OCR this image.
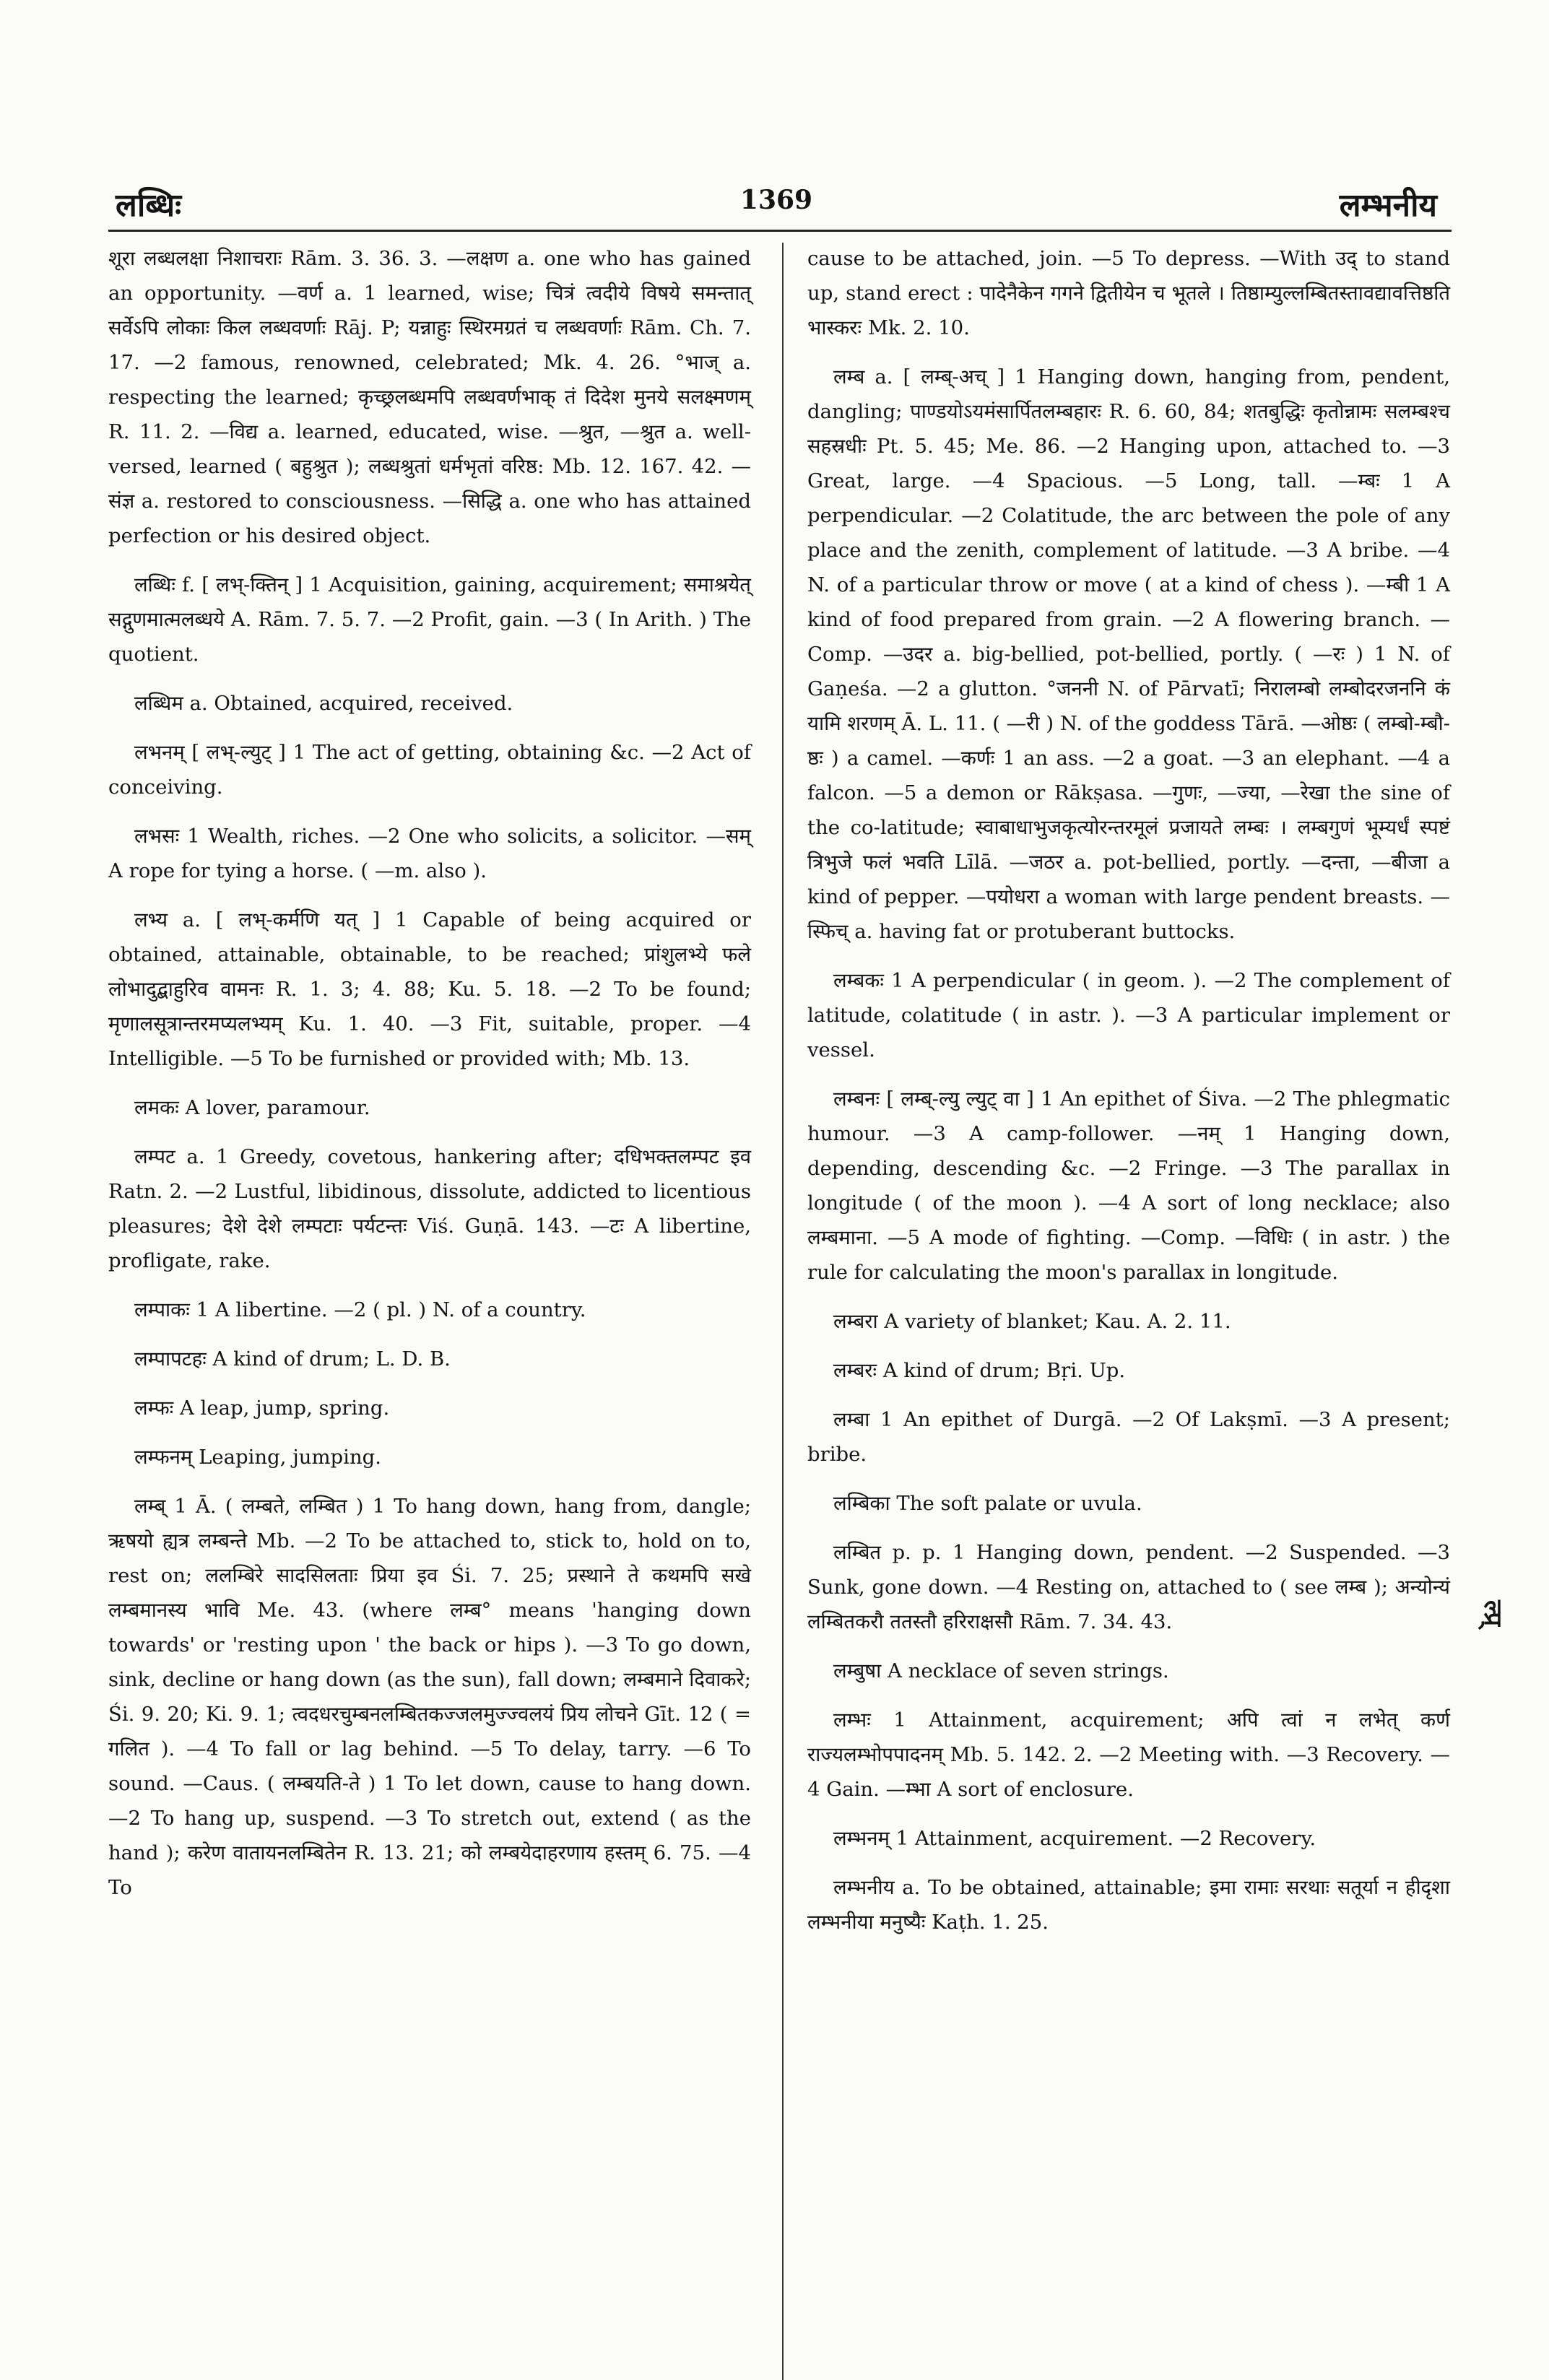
लब्धिः	1369	लम्भनीय

शूरा लब्धलक्षा निशाचराः Rām. 3. 36. 3. —लक्षण a. one who has gained an opportunity. —वर्ण a. 1 learned, wise; चित्रं त्वदीये विषये समन्तात् सर्वेऽपि लोकाः किल लब्धवर्णाः Rāj. P; यन्नाहुः स्थिरमग्रतं च लब्धवर्णाः Rām. Ch. 7. 17. —2 famous, renowned, celebrated; Mk. 4. 26. °भाज् a. respecting the learned; कृच्छ्रलब्धमपि लब्धवर्णभाक् तं दिदेश मुनये सलक्ष्मणम् R. 11. 2. —विद्य a. learned, educated, wise. —श्रुत, —श्रुत a. well-versed, learned ( बहुश्रुत ); लब्धश्रुतां धर्मभृतां वरिष्ठ: Mb. 12. 167. 42. —संज्ञ a. restored to consciousness. —सिद्धि a. one who has attained perfection or his desired object.

लब्धिः f. [ लभ्-क्तिन् ] 1 Acquisition, gaining, acquirement; समाश्रयेत् सद्गुणमात्मलब्धये A. Rām. 7. 5. 7. —2 Profit, gain. —3 ( In Arith. ) The quotient.

लब्धिम a. Obtained, acquired, received.

लभनम् [ लभ्-ल्युट् ] 1 The act of getting, obtaining &c. —2 Act of conceiving.

लभसः 1 Wealth, riches. —2 One who solicits, a solicitor. —सम् A rope for tying a horse. ( —m. also ).

लभ्य a. [ लभ्-कर्मणि यत् ] 1 Capable of being acquired or obtained, attainable, obtainable, to be reached; प्रांशुलभ्ये फले लोभादुद्बाहुरिव वामनः R. 1. 3; 4. 88; Ku. 5. 18. —2 To be found; मृणालसूत्रान्तरमप्यलभ्यम् Ku. 1. 40. —3 Fit, suitable, proper. —4 Intelligible. —5 To be furnished or provided with; Mb. 13.

लमकः A lover, paramour.

लम्पट a. 1 Greedy, covetous, hankering after; दधिभक्तलम्पट इव Ratn. 2. —2 Lustful, libidinous, dissolute, addicted to licentious pleasures; देशे देशे लम्पटाः पर्यटन्तः Viś. Guṇā. 143. —टः A libertine, profligate, rake.

लम्पाकः 1 A libertine. —2 ( pl. ) N. of a country.

लम्पापटहः A kind of drum; L. D. B.

लम्फः A leap, jump, spring.

लम्फनम् Leaping, jumping.

लम्ब् 1 Ā. ( लम्बते, लम्बित ) 1 To hang down, hang from, dangle; ऋषयो ह्यत्र लम्बन्ते Mb. —2 To be attached to, stick to, hold on to, rest on; ललम्बिरे सादसिलताः प्रिया इव Śi. 7. 25; प्रस्थाने ते कथमपि सखे लम्बमानस्य भावि Me. 43. (where लम्ब° means 'hanging down towards' or 'resting upon ' the back or hips ). —3 To go down, sink, decline or hang down (as the sun), fall down; लम्बमाने दिवाकरे; Śi. 9. 20; Ki. 9. 1; त्वदधरचुम्बनलम्बितकज्जलमुज्ज्वलयं प्रिय लोचने Gīt. 12 ( = गलित ). —4 To fall or lag behind. —5 To delay, tarry. —6 To sound. —Caus. ( लम्बयति-ते ) 1 To let down, cause to hang down. —2 To hang up, suspend. —3 To stretch out, extend ( as the hand ); करेण वातायनलम्बितेन R. 13. 21; को लम्बयेदाहरणाय हस्तम् 6. 75. —4 To

cause to be attached, join. —5 To depress. —With उद् to stand up, stand erect : पादेनैकेन गगने द्वितीयेन च भूतले । तिष्ठाम्युल्लम्बितस्तावद्यावत्तिष्ठति भास्करः Mk. 2. 10.

लम्ब a. [ लम्ब्-अच् ] 1 Hanging down, hanging from, pendent, dangling; पाण्डयोऽयमंसार्पितलम्बहारः R. 6. 60, 84; शतबुद्धिः कृतोन्नामः सलम्बश्च सहस्रधीः Pt. 5. 45; Me. 86. —2 Hanging upon, attached to. —3 Great, large. —4 Spacious. —5 Long, tall. —म्बः 1 A perpendicular. —2 Colatitude, the arc between the pole of any place and the zenith, complement of latitude. —3 A bribe. —4 N. of a particular throw or move ( at a kind of chess ). —म्बी 1 A kind of food prepared from grain. —2 A flowering branch. —Comp. —उदर a. big-bellied, pot-bellied, portly. ( —रः ) 1 N. of Gaṇeśa. —2 a glutton. °जननी N. of Pārvatī; निरालम्बो लम्बोदरजननि कं यामि शरणम् Ā. L. 11. ( —री ) N. of the goddess Tārā. —ओष्ठः ( लम्बो-म्बौ-ष्ठः ) a camel. —कर्णः 1 an ass. —2 a goat. —3 an elephant. —4 a falcon. —5 a demon or Rākṣasa. —गुणः, —ज्या, —रेखा the sine of the co-latitude; स्वाबाधाभुजकृत्योरन्तरमूलं प्रजायते लम्बः । लम्बगुणं भूम्यर्धं स्पष्टं त्रिभुजे फलं भवति Līlā. —जठर a. pot-bellied, portly. —दन्ता, —बीजा a kind of pepper. —पयोधरा a woman with large pendent breasts. —स्फिच् a. having fat or protuberant buttocks.

लम्बकः 1 A perpendicular ( in geom. ). —2 The complement of latitude, colatitude ( in astr. ). —3 A particular implement or vessel.

लम्बनः [ लम्ब्-ल्यु ल्युट् वा ] 1 An epithet of Śiva. —2 The phlegmatic humour. —3 A camp-follower. —नम् 1 Hanging down, depending, descending &c. —2 Fringe. —3 The parallax in longitude ( of the moon ). —4 A sort of long necklace; also लम्बमाना. —5 A mode of fighting. —Comp. —विधिः ( in astr. ) the rule for calculating the moon's parallax in longitude.

लम्बरा A variety of blanket; Kau. A. 2. 11.

लम्बरः A kind of drum; Bṛi. Up.

लम्बा 1 An epithet of Durgā. —2 Of Lakṣmī. —3 A present; bribe.

लम्बिका The soft palate or uvula.

लम्बित p. p. 1 Hanging down, pendent. —2 Suspended. —3 Sunk, gone down. —4 Resting on, attached to ( see लम्ब ); अन्योन्यं लम्बितकरौ ततस्तौ हरिराक्षसौ Rām. 7. 34. 43.

लम्बुषा A necklace of seven strings.

लम्भः 1 Attainment, acquirement; अपि त्वां न लभेत् कर्ण राज्यलम्भोपपादनम् Mb. 5. 142. 2. —2 Meeting with. —3 Recovery. —4 Gain. —म्भा A sort of enclosure.

लम्भनम् 1 Attainment, acquirement. —2 Recovery.

लम्भनीय a. To be obtained, attainable; इमा रामाः सरथाः सतूर्या न हीदृशा लम्भनीया मनुष्यैः Kaṭh. 1. 25.

ल्प्र्
